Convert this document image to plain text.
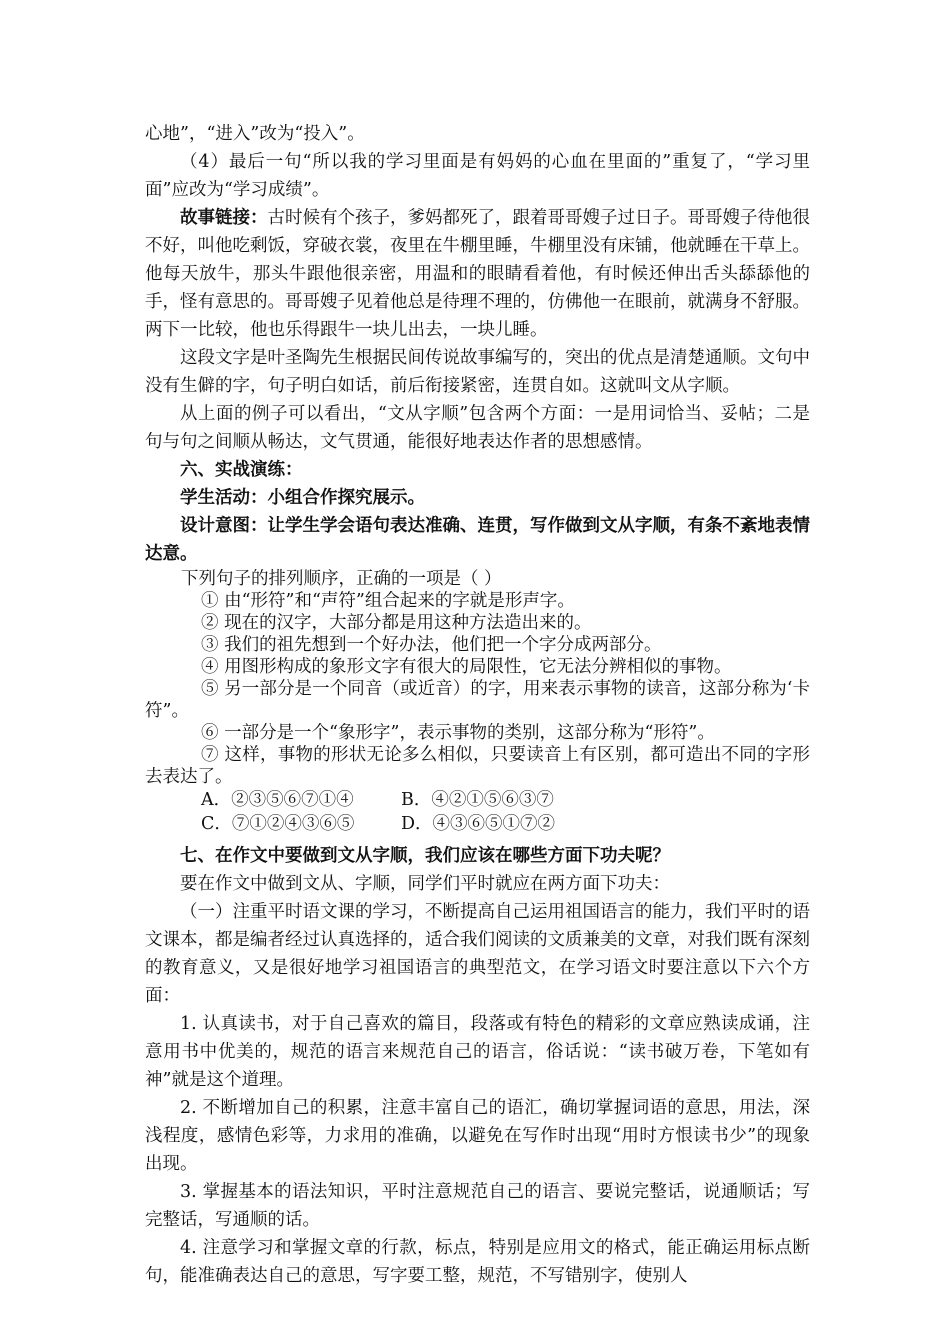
心地”，“进入”改为“投入”。

（4）最后一句“所以我的学习里面是有妈妈的心血在里面的”重复了，“学习里面”应改为“学习成绩”。

故事链接：古时候有个孩子，爹妈都死了，跟着哥哥嫂子过日子。哥哥嫂子待他很不好，叫他吃剩饭，穿破衣裳，夜里在牛棚里睡，牛棚里没有床铺，他就睡在干草上。他每天放牛，那头牛跟他很亲密，用温和的眼睛看着他，有时候还伸出舌头舔舔他的手，怪有意思的。哥哥嫂子见着他总是待理不理的，仿佛他一在眼前，就满身不舒服。两下一比较，他也乐得跟牛一块儿出去，一块儿睡。

这段文字是叶圣陶先生根据民间传说故事编写的，突出的优点是清楚通顺。文句中没有生僻的字，句子明白如话，前后衔接紧密，连贯自如。这就叫文从字顺。

从上面的例子可以看出，“文从字顺”包含两个方面：一是用词恰当、妥帖；二是句与句之间顺从畅达，文气贯通，能很好地表达作者的思想感情。

六、实战演练：

学生活动：小组合作探究展示。

设计意图：让学生学会语句表达准确、连贯，写作做到文从字顺，有条不紊地表情达意。

下列句子的排列顺序，正确的一项是（ ）

① 由“形符”和“声符”组合起来的字就是形声字。

② 现在的汉字，大部分都是用这种方法造出来的。

③ 我们的祖先想到一个好办法，他们把一个字分成两部分。

④ 用图形构成的象形文字有很大的局限性，它无法分辨相似的事物。

⑤ 另一部分是一个同音（或近音）的字，用来表示事物的读音，这部分称为‘卡符”。

⑥ 一部分是一个“象形字”，表示事物的类别，这部分称为“形符”。

⑦ 这样，事物的形状无论多么相似，只要读音上有区别，都可造出不同的字形去表达了。

A．②③⑤⑥⑦①④	B．④②①⑤⑥③⑦
C．⑦①②④③⑥⑤	D．④③⑥⑤①⑦②

七、在作文中要做到文从字顺，我们应该在哪些方面下功夫呢？

要在作文中做到文从、字顺，同学们平时就应在两方面下功夫：

（一）注重平时语文课的学习，不断提高自己运用祖国语言的能力，我们平时的语文课本，都是编者经过认真选择的，适合我们阅读的文质兼美的文章，对我们既有深刻的教育意义，又是很好地学习祖国语言的典型范文，在学习语文时要注意以下六个方面：

1. 认真读书，对于自己喜欢的篇目，段落或有特色的精彩的文章应熟读成诵，注意用书中优美的，规范的语言来规范自己的语言，俗话说：“读书破万卷，下笔如有神”就是这个道理。

2. 不断增加自己的积累，注意丰富自己的语汇，确切掌握词语的意思，用法，深浅程度，感情色彩等，力求用的准确，以避免在写作时出现“用时方恨读书少”的现象出现。

3. 掌握基本的语法知识，平时注意规范自己的语言、要说完整话，说通顺话；写完整话，写通顺的话。

4. 注意学习和掌握文章的行款，标点，特别是应用文的格式，能正确运用标点断句，能准确表达自己的意思，写字要工整，规范，不写错别字，使别人
